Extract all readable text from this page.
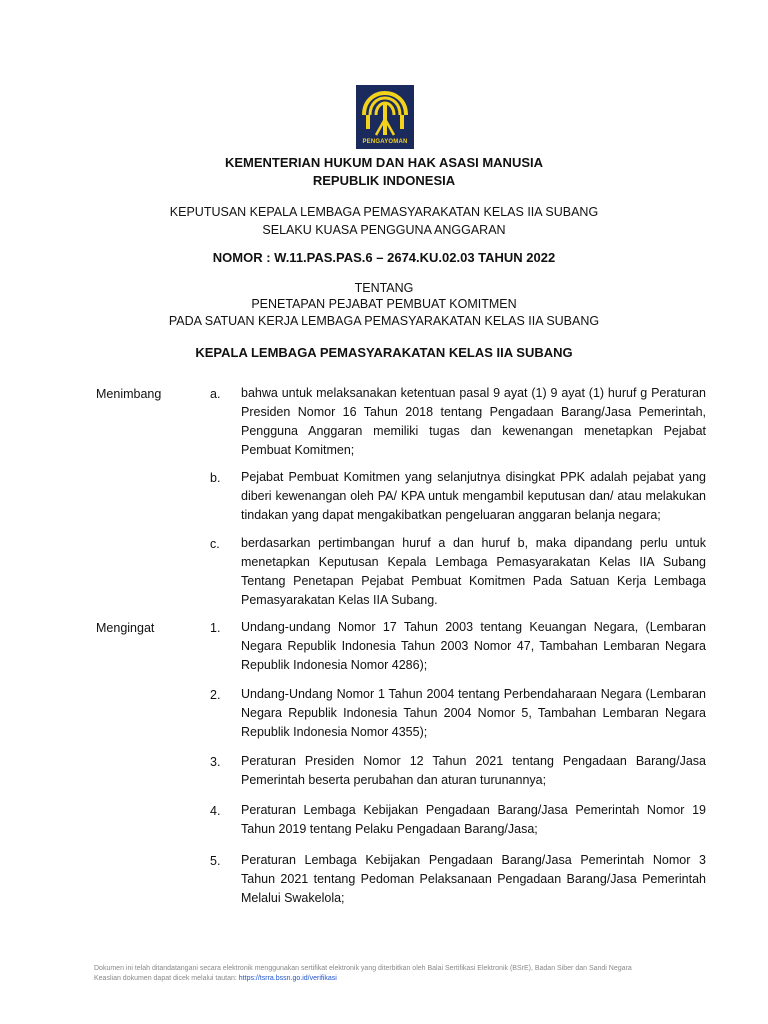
PENGAYOMAN
KEMENTERIAN HUKUM DAN HAK ASASI MANUSIA
REPUBLIK INDONESIA
KEPUTUSAN KEPALA LEMBAGA PEMASYARAKATAN KELAS IIA SUBANG
SELAKU KUASA PENGGUNA ANGGARAN
NOMOR : W.11.PAS.PAS.6 – 2674.KU.02.03 TAHUN 2022
TENTANG
PENETAPAN PEJABAT PEMBUAT KOMITMEN
PADA SATUAN KERJA LEMBAGA PEMASYARAKATAN KELAS IIA SUBANG
KEPALA LEMBAGA PEMASYARAKATAN KELAS IIA SUBANG
Menimbang	a. bahwa untuk melaksanakan ketentuan pasal 9 ayat (1) 9 ayat (1) huruf g Peraturan Presiden Nomor 16 Tahun 2018 tentang Pengadaan Barang/Jasa Pemerintah, Pengguna Anggaran memiliki tugas dan kewenangan menetapkan Pejabat Pembuat Komitmen;
b. Pejabat Pembuat Komitmen yang selanjutnya disingkat PPK adalah pejabat yang diberi kewenangan oleh PA/ KPA untuk mengambil keputusan dan/ atau melakukan tindakan yang dapat mengakibatkan pengeluaran anggaran belanja negara;
c. berdasarkan pertimbangan huruf a dan huruf b, maka dipandang perlu untuk menetapkan Keputusan Kepala Lembaga Pemasyarakatan Kelas IIA Subang Tentang Penetapan Pejabat Pembuat Komitmen Pada Satuan Kerja Lembaga Pemasyarakatan Kelas IIA Subang.
Mengingat	1. Undang-undang Nomor 17 Tahun 2003 tentang Keuangan Negara, (Lembaran Negara Republik Indonesia Tahun 2003 Nomor 47, Tambahan Lembaran Negara Republik Indonesia Nomor 4286);
2. Undang-Undang Nomor 1 Tahun 2004 tentang Perbendaharaan Negara (Lembaran Negara Republik Indonesia Tahun 2004 Nomor 5, Tambahan Lembaran Negara Republik Indonesia Nomor 4355);
3. Peraturan Presiden Nomor 12 Tahun 2021 tentang Pengadaan Barang/Jasa Pemerintah beserta perubahan dan aturan turunannya;
4. Peraturan Lembaga Kebijakan Pengadaan Barang/Jasa Pemerintah Nomor 19 Tahun 2019 tentang Pelaku Pengadaan Barang/Jasa;
5. Peraturan Lembaga Kebijakan Pengadaan Barang/Jasa Pemerintah Nomor 3 Tahun 2021 tentang Pedoman Pelaksanaan Pengadaan Barang/Jasa Pemerintah Melalui Swakelola;
Dokumen ini telah ditandatangani secara elektronik menggunakan sertifikat elektronik yang diterbitkan oleh Balai Sertifikasi Elektronik (BSrE), Badan Siber dan Sandi Negara
Keaslian dokumen dapat dicek melalui tautan: https://tsrra.bssn.go.id/verifikasi
